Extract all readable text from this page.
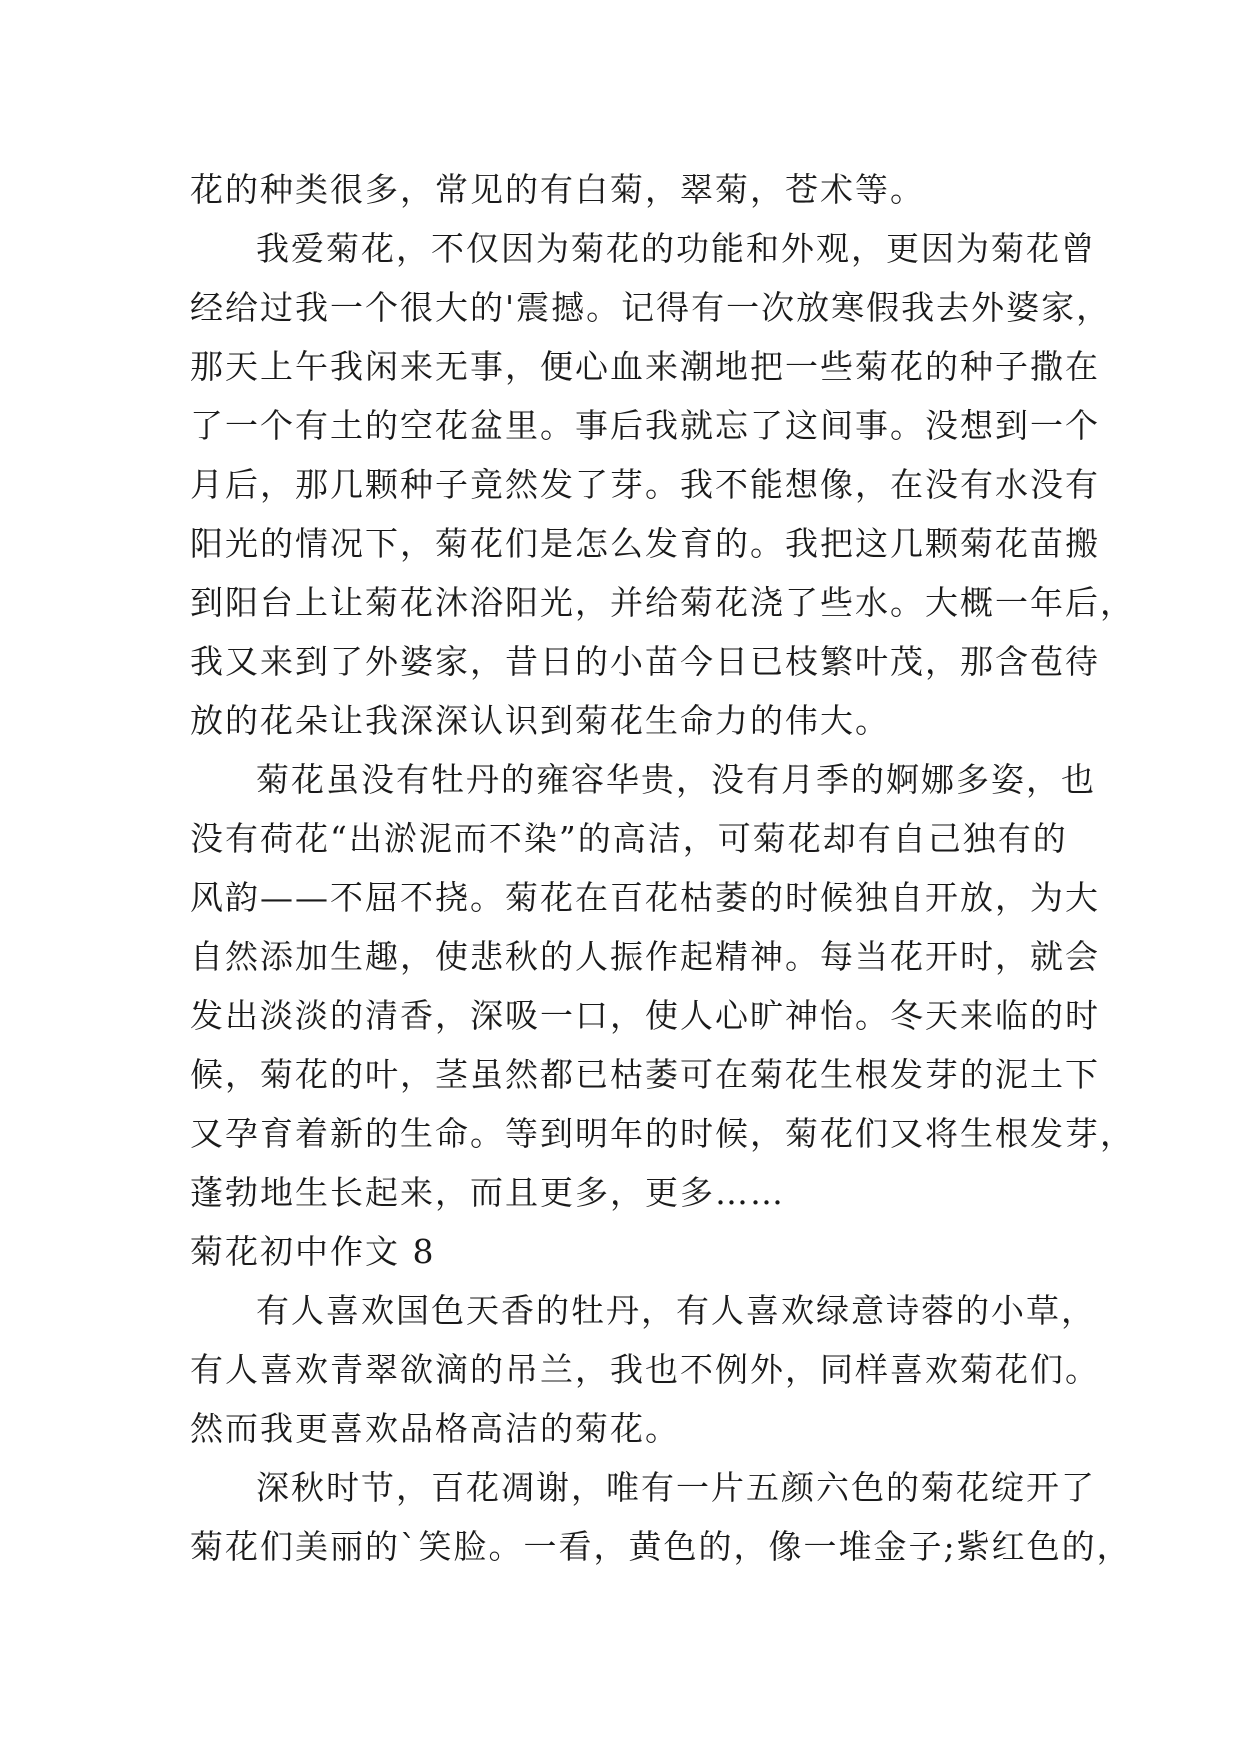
花的种类很多，常见的有白菊，翠菊，苍术等。
我爱菊花，不仅因为菊花的功能和外观，更因为菊花曾
经给过我一个很大的'震撼。记得有一次放寒假我去外婆家，
那天上午我闲来无事，便心血来潮地把一些菊花的种子撒在
了一个有土的空花盆里。事后我就忘了这间事。没想到一个
月后，那几颗种子竟然发了芽。我不能想像，在没有水没有
阳光的情况下，菊花们是怎么发育的。我把这几颗菊花苗搬
到阳台上让菊花沐浴阳光，并给菊花浇了些水。大概一年后，
我又来到了外婆家，昔日的小苗今日已枝繁叶茂，那含苞待
放的花朵让我深深认识到菊花生命力的伟大。
菊花虽没有牡丹的雍容华贵，没有月季的婀娜多姿，也
没有荷花“出淤泥而不染”的高洁，可菊花却有自己独有的
风韵——不屈不挠。菊花在百花枯萎的时候独自开放，为大
自然添加生趣，使悲秋的人振作起精神。每当花开时，就会
发出淡淡的清香，深吸一口，使人心旷神怡。冬天来临的时
候，菊花的叶，茎虽然都已枯萎可在菊花生根发芽的泥土下
又孕育着新的生命。等到明年的时候，菊花们又将生根发芽，
蓬勃地生长起来，而且更多，更多……
菊花初中作文 8
有人喜欢国色天香的牡丹，有人喜欢绿意诗蓉的小草，
有人喜欢青翠欲滴的吊兰，我也不例外，同样喜欢菊花们。
然而我更喜欢品格高洁的菊花。
深秋时节，百花凋谢，唯有一片五颜六色的菊花绽开了
菊花们美丽的`笑脸。一看，黄色的，像一堆金子;紫红色的，
